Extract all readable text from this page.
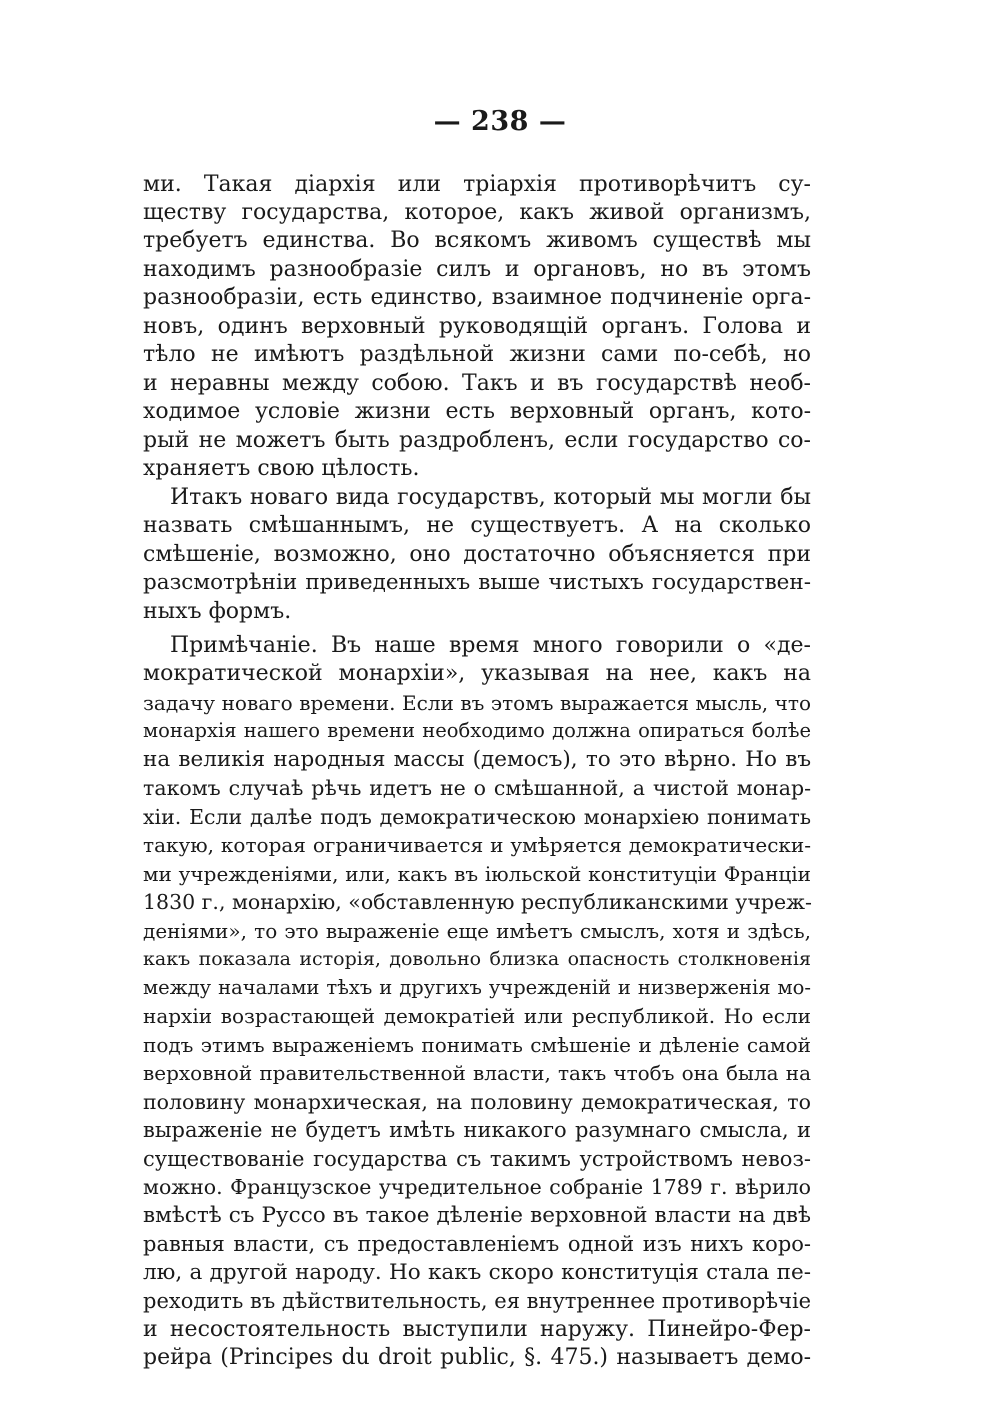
— 238 —
ми. Такая діархія или тріархія противорѣчитъ су-
ществу государства, которое, какъ живой организмъ,
требуетъ единства. Во всякомъ живомъ существѣ мы
находимъ разнообразіе силъ и органовъ, но въ этомъ
разнообразіи, есть единство, взаимное подчиненіе орга-
новъ, одинъ верховный руководящій органъ. Голова и
тѣло не имѣютъ раздѣльной жизни сами по-себѣ, но
и неравны между собою. Такъ и въ государствѣ необ-
ходимое условіе жизни есть верховный органъ, кото-
рый не можетъ быть раздробленъ, если государство со-
храняетъ свою цѣлость.
Итакъ новаго вида государствъ, который мы могли бы
назвать смѣшаннымъ, не существуетъ. А на сколько
смѣшеніе, возможно, оно достаточно объясняется при
разсмотрѣніи приведенныхъ выше чистыхъ государствен-
ныхъ формъ.
Примѣчаніе. Въ наше время много говорили о «де-
мократической монархіи», указывая на нее, какъ на
задачу новаго времени. Если въ этомъ выражается мысль, что
монархія нашего времени необходимо должна опираться болѣе
на великія народныя массы (демосъ), то это вѣрно. Но въ
такомъ случаѣ рѣчь идетъ не о смѣшанной, а чистой монар-
хіи. Если далѣе подъ демократическою монархіею понимать
такую, которая ограничивается и умѣряется демократически-
ми учрежденіями, или, какъ въ іюльской конституціи Франціи
1830 г., монархію, «обставленную республиканскими учреж-
деніями», то это выраженіе еще имѣетъ смыслъ, хотя и здѣсь,
какъ показала исторія, довольно близка опасность столкновенія
между началами тѣхъ и другихъ учрежденій и низверженія мо-
нархіи возрастающей демократіей или республикой. Но если
подъ этимъ выраженіемъ понимать смѣшеніе и дѣленіе самой
верховной правительственной власти, такъ чтобъ она была на
половину монархическая, на половину демократическая, то
выраженіе не будетъ имѣть никакого разумнаго смысла, и
существованіе государства съ такимъ устройствомъ невоз-
можно. Французское учредительное собраніе 1789 г. вѣрило
вмѣстѣ съ Руссо въ такое дѣленіе верховной власти на двѣ
равныя власти, съ предоставленіемъ одной изъ нихъ коро-
лю, а другой народу. Но какъ скоро конституція стала пе-
реходить въ дѣйствительность, ея внутреннее противорѣчіе
и несостоятельность выступили наружу. Пинейро-Фер-
рейра (Principes du droit public, §. 475.) называетъ демо-
